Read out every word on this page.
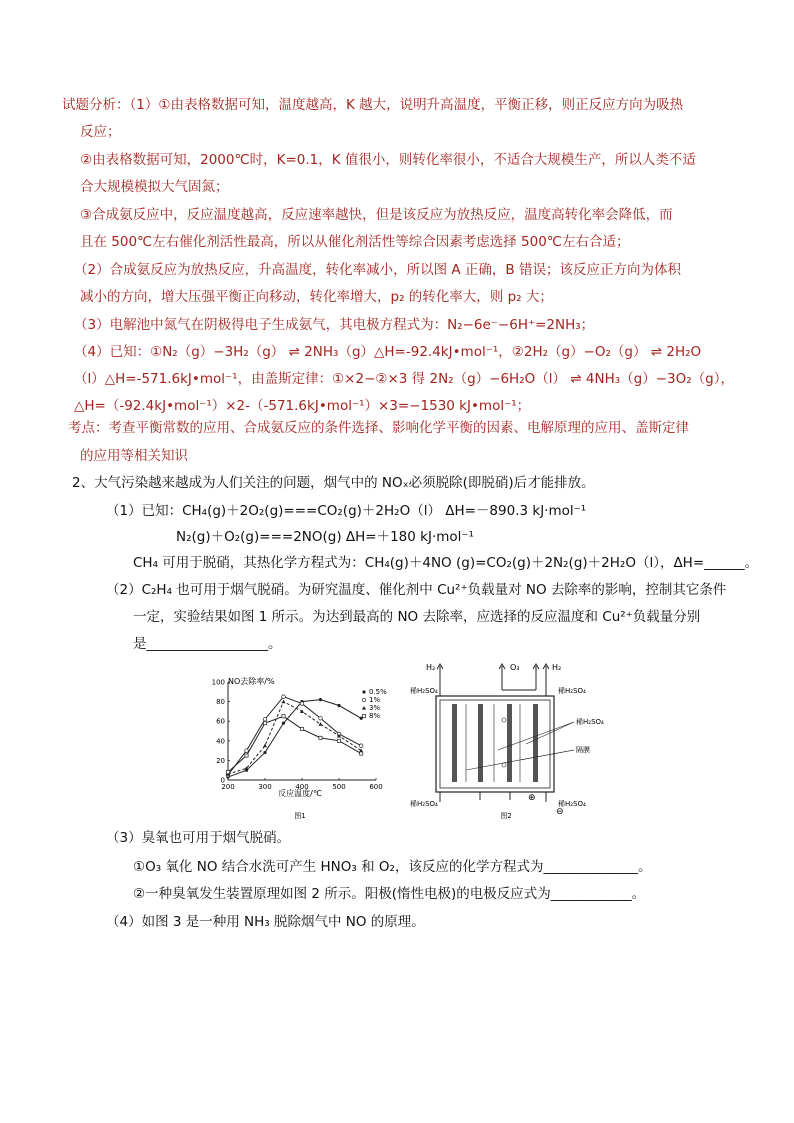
试题分析：（1）①由表格数据可知，温度越高，K 越大，说明升高温度，平衡正移，则正反应方向为吸热
反应；
②由表格数据可知，2000℃时，K=0.1，K 值很小，则转化率很小，不适合大规模生产，所以人类不适
合大规模模拟大气固氮；
③合成氨反应中，反应温度越高，反应速率越快，但是该反应为放热反应，温度高转化率会降低，而
且在 500℃左右催化剂活性最高，所以从催化剂活性等综合因素考虑选择 500℃左右合适；
（2）合成氨反应为放热反应，升高温度，转化率减小，所以图 A 正确，B 错误；该反应正方向为体积
减小的方向，增大压强平衡正向移动，转化率增大，p₂ 的转化率大，则 p₂ 大；
（3）电解池中氮气在阴极得电子生成氨气，其电极方程式为：N₂−6e⁻−6H⁺=2NH₃；
（4）已知：①N₂（g）−3H₂（g） ⇌ 2NH₃（g）△H=-92.4kJ•mol⁻¹，②2H₂（g）−O₂（g） ⇌ 2H₂O
（l）△H=-571.6kJ•mol⁻¹，由盖斯定律：①×2−②×3 得 2N₂（g）−6H₂O（l） ⇌ 4NH₃（g）−3O₂（g），
△H=（-92.4kJ•mol⁻¹）×2-（-571.6kJ•mol⁻¹）×3=−1530 kJ•mol⁻¹；
考点：考查平衡常数的应用、合成氨反应的条件选择、影响化学平衡的因素、电解原理的应用、盖斯定律
的应用等相关知识
2、大气污染越来越成为人们关注的问题，烟气中的 NOₓ必须脱除(即脱硝)后才能排放。
（1）已知：CH₄(g)＋2O₂(g)===CO₂(g)＋2H₂O（l） ΔH=－890.3 kJ·mol⁻¹
N₂(g)＋O₂(g)===2NO(g) ΔH=＋180 kJ·mol⁻¹
CH₄ 可用于脱硝，其热化学方程式为：CH₄(g)＋4NO (g)=CO₂(g)＋2N₂(g)＋2H₂O（l），ΔH=______。
（2）C₂H₄ 也可用于烟气脱硝。为研究温度、催化剂中 Cu²⁺负载量对 NO 去除率的影响，控制其它条件
一定，实验结果如图 1 所示。为达到最高的 NO 去除率，应选择的反应温度和 Cu²⁺负载量分别
是__________________。
NO去除率/%
200	300	400	500	600
0
20
40
60
80
100
0.5%
1%
3%
8%
反应温度/℃
图1
H₂	O₃	H₂
稀H₂SO₄	稀H₂SO₄
稀H₂SO₄
隔膜
稀H₂SO₄	稀H₂SO₄
⊕
⊖
图2
（3）臭氧也可用于烟气脱硝。
①O₃ 氧化 NO 结合水洗可产生 HNO₃ 和 O₂，该反应的化学方程式为______________。
②一种臭氧发生装置原理如图 2 所示。阳极(惰性电极)的电极反应式为____________。
（4）如图 3 是一种用 NH₃ 脱除烟气中 NO 的原理。
